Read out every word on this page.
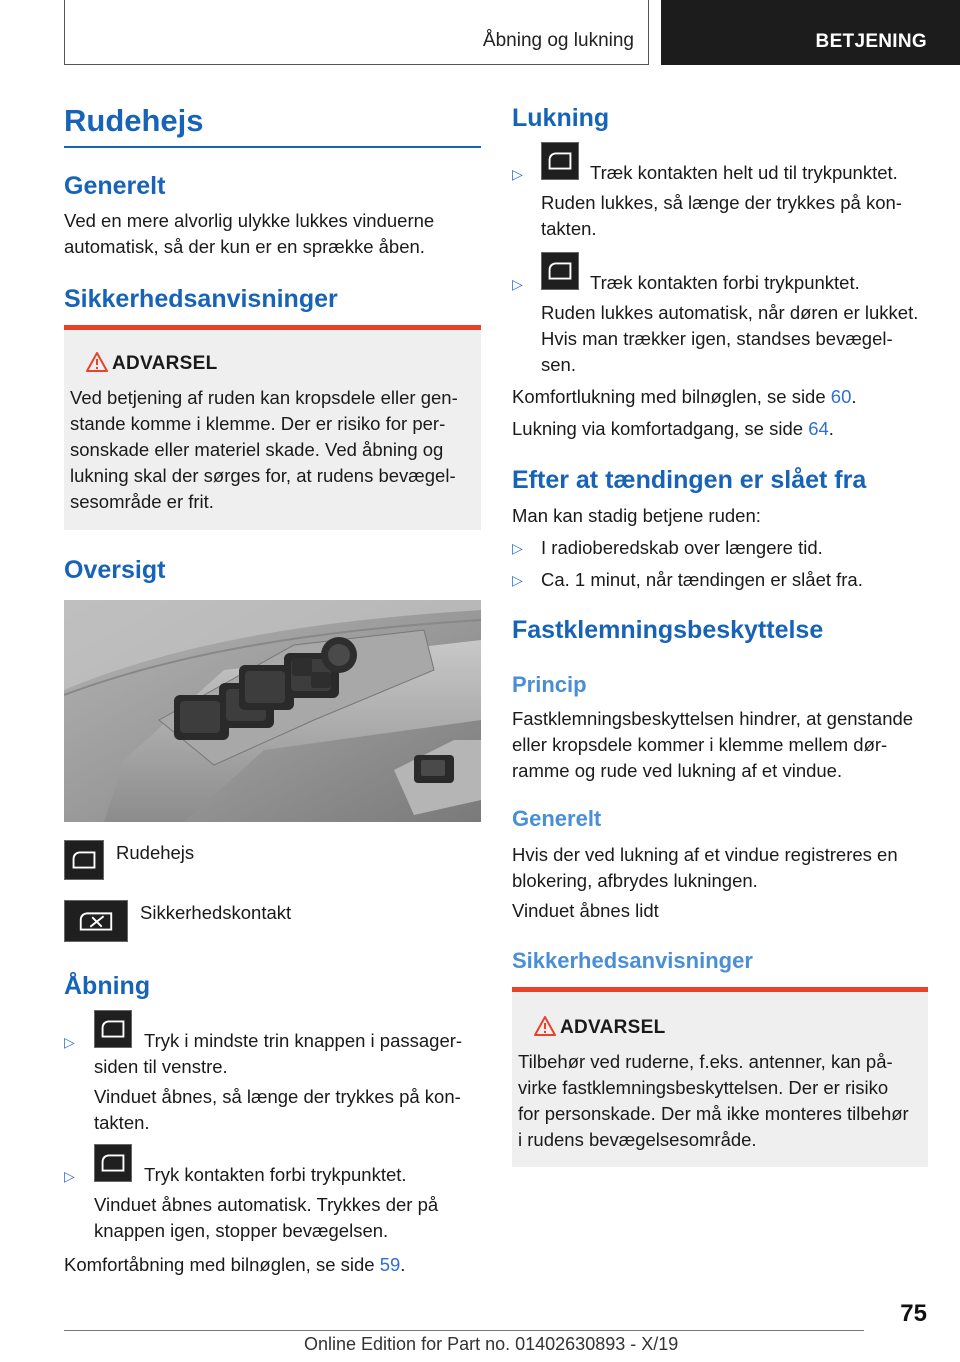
Åbning og lukning	BETJENING
Rudehejs
Generelt
Ved en mere alvorlig ulykke lukkes vinduerne
automatisk, så der kun er en sprække åben.
Sikkerhedsanvisninger
ADVARSEL
Ved betjening af ruden kan kropsdele eller gen-
stande komme i klemme. Der er risiko for per-
sonskade eller materiel skade. Ved åbning og
lukning skal der sørges for, at rudens bevægel-
sesområde er frit.
Oversigt
Rudehejs
Sikkerhedskontakt
Åbning
▷	Tryk i mindste trin knappen i passager-
siden til venstre.
Vinduet åbnes, så længe der trykkes på kon-
takten.
▷	Tryk kontakten forbi trykpunktet.
Vinduet åbnes automatisk. Trykkes der på
knappen igen, stopper bevægelsen.
Komfortåbning med bilnøglen, se side 59.
Lukning
▷	Træk kontakten helt ud til trykpunktet.
Ruden lukkes, så længe der trykkes på kon-
takten.
▷	Træk kontakten forbi trykpunktet.
Ruden lukkes automatisk, når døren er lukket.
Hvis man trækker igen, standses bevægel-
sen.
Komfortlukning med bilnøglen, se side 60.
Lukning via komfortadgang, se side 64.
Efter at tændingen er slået fra
Man kan stadig betjene ruden:
▷ I radioberedskab over længere tid.
▷ Ca. 1 minut, når tændingen er slået fra.
Fastklemningsbeskyttelse
Princip
Fastklemningsbeskyttelsen hindrer, at genstande
eller kropsdele kommer i klemme mellem dør-
ramme og rude ved lukning af et vindue.
Generelt
Hvis der ved lukning af et vindue registreres en
blokering, afbrydes lukningen.
Vinduet åbnes lidt
Sikkerhedsanvisninger
ADVARSEL
Tilbehør ved ruderne, f.eks. antenner, kan på-
virke fastklemningsbeskyttelsen. Der er risiko
for personskade. Der må ikke monteres tilbehør
i rudens bevægelsesområde.
75
Online Edition for Part no. 01402630893 - X/19
